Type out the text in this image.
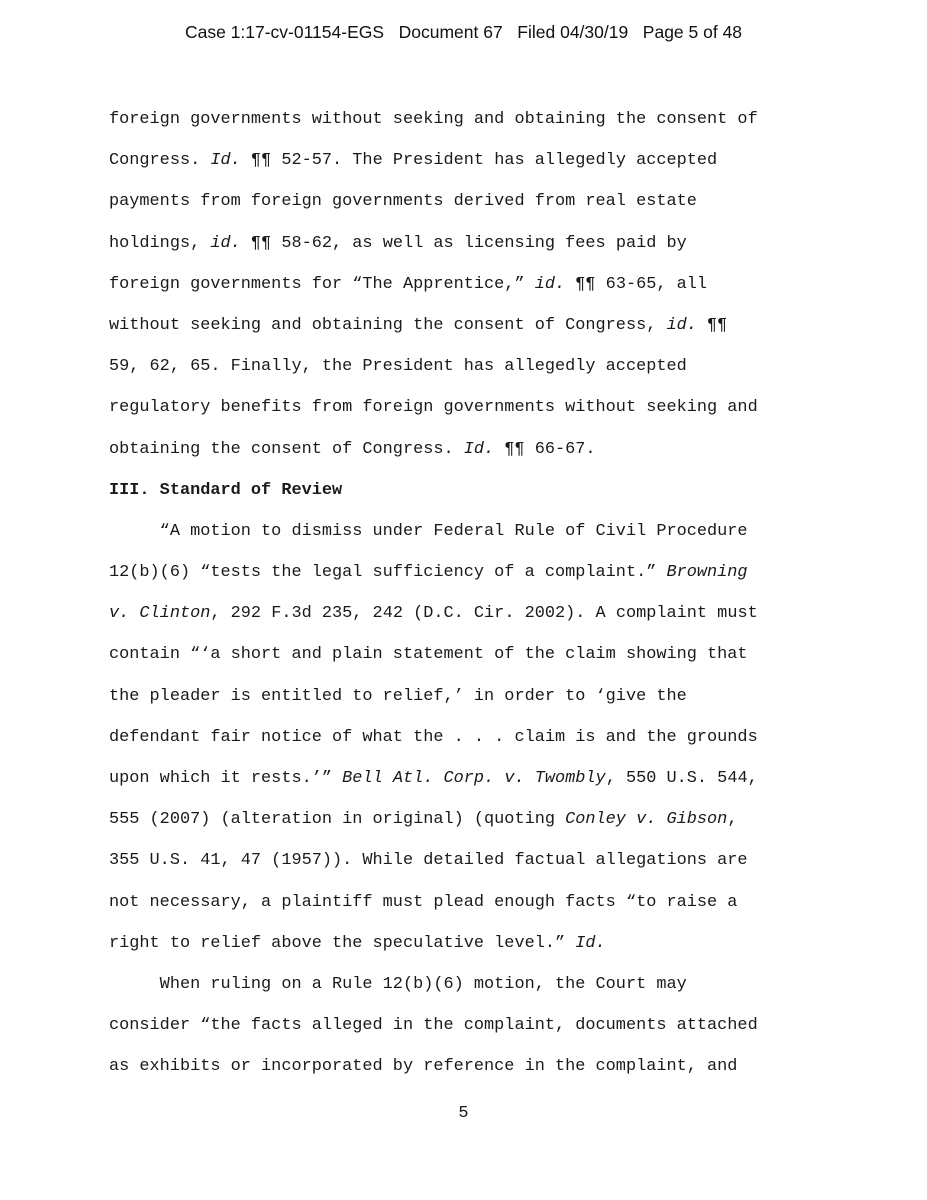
Case 1:17-cv-01154-EGS   Document 67   Filed 04/30/19   Page 5 of 48
foreign governments without seeking and obtaining the consent of
Congress. Id. ¶¶ 52-57. The President has allegedly accepted
payments from foreign governments derived from real estate
holdings, id. ¶¶ 58-62, as well as licensing fees paid by
foreign governments for “The Apprentice,” id. ¶¶ 63-65, all
without seeking and obtaining the consent of Congress, id. ¶¶
59, 62, 65. Finally, the President has allegedly accepted
regulatory benefits from foreign governments without seeking and
obtaining the consent of Congress. Id. ¶¶ 66-67.
III. Standard of Review
“A motion to dismiss under Federal Rule of Civil Procedure
12(b)(6) “tests the legal sufficiency of a complaint.” Browning
v. Clinton, 292 F.3d 235, 242 (D.C. Cir. 2002). A complaint must
contain “‘a short and plain statement of the claim showing that
the pleader is entitled to relief,’ in order to ‘give the
defendant fair notice of what the . . . claim is and the grounds
upon which it rests.’” Bell Atl. Corp. v. Twombly, 550 U.S. 544,
555 (2007) (alteration in original) (quoting Conley v. Gibson,
355 U.S. 41, 47 (1957)). While detailed factual allegations are
not necessary, a plaintiff must plead enough facts “to raise a
right to relief above the speculative level.” Id.
When ruling on a Rule 12(b)(6) motion, the Court may
consider “the facts alleged in the complaint, documents attached
as exhibits or incorporated by reference in the complaint, and
5
